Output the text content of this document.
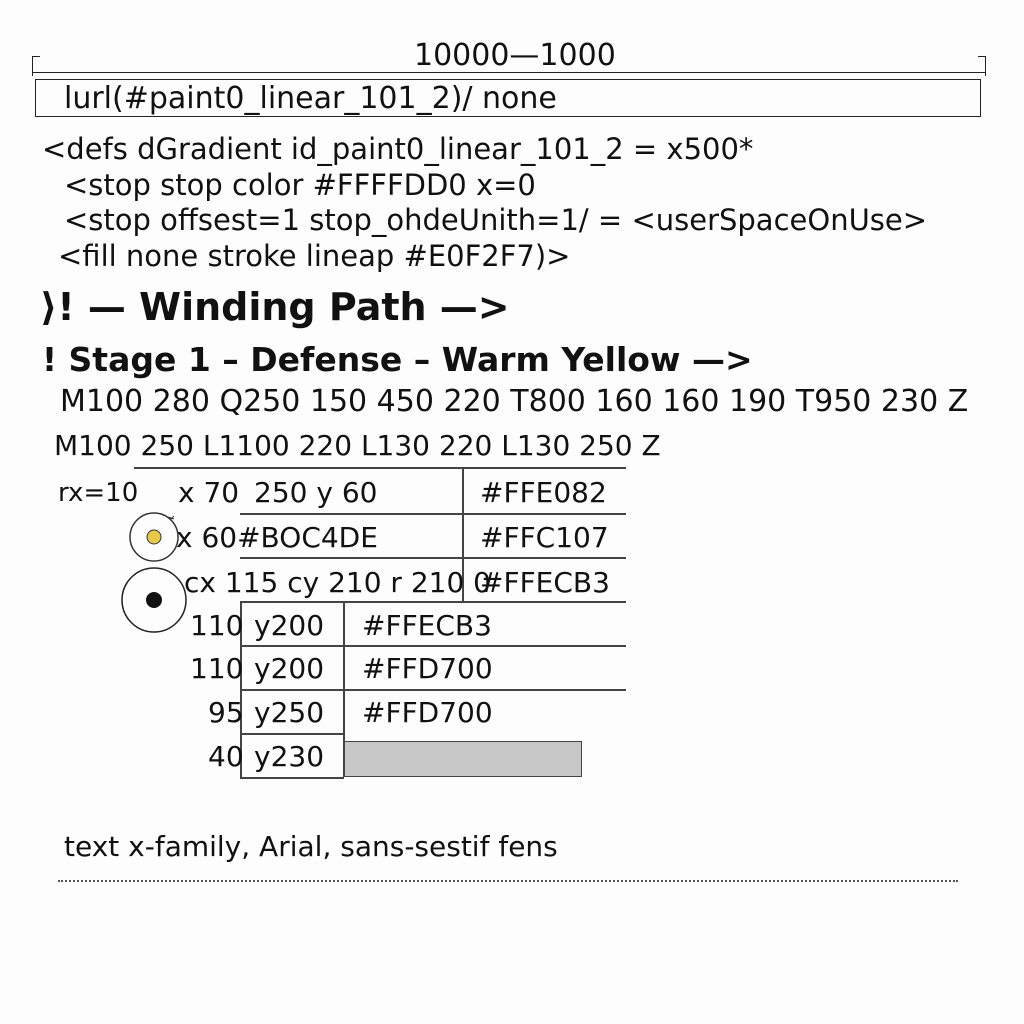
10000—1000
lurl(#paint0_linear_101_2)/ none
<defs dGradient id_paint0_linear_101_2 = x500*
<stop stop color #FFFFDD0 x=0
<stop offsest=1 stop_ohdeUnith=1/ = <userSpaceOnUse>
<fill none stroke lineap #E0F2F7)>
⟩! — Winding Path —>
! Stage 1 – Defense – Warm Yellow —>
M100 280 Q250 150 450 220 T800 160 160 190 T950 230 Z
M100 250 L1100 220 L130 220 L130 250 Z
rx=10 x 70 250 y 60	#FFE082
x 60#BOC4DE	#FFC107
cx 115 cy 210 r 210 0
#FFECB3
110 y200 #FFECB3
110 y200 #FFD700
95 y250 #FFD700
40 y230
text x-family, Arial, sans-sestif fens
